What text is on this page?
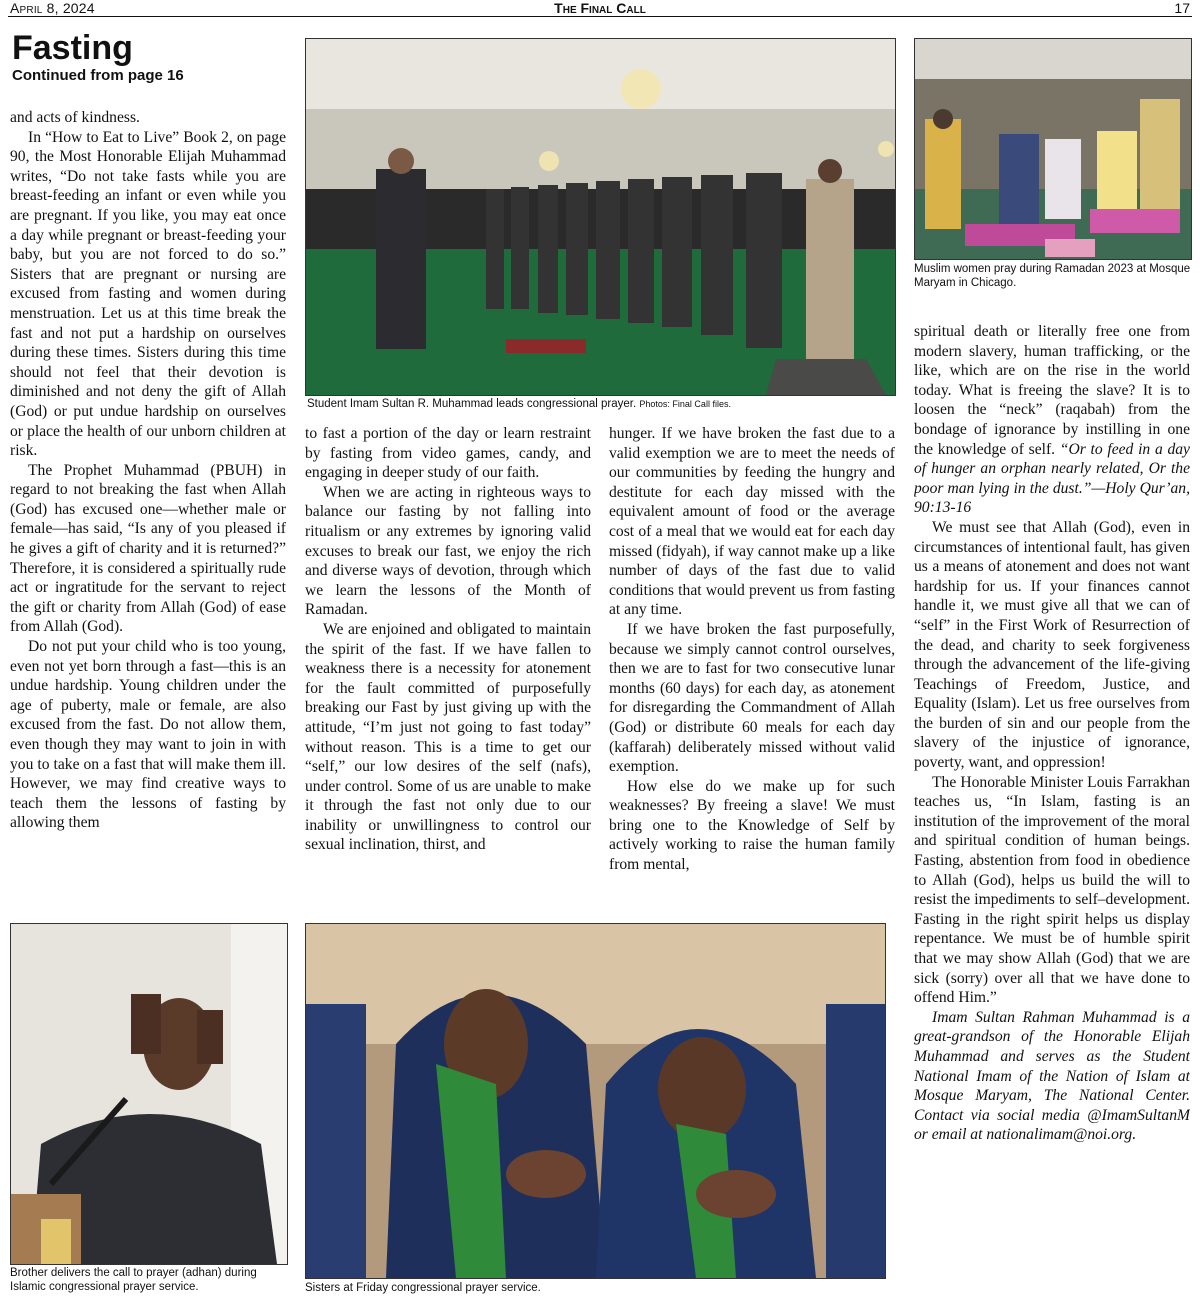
April 8, 2024	The Final Call	17
Fasting
Continued from page 16

and acts of kindness.

In “How to Eat to Live” Book 2, on page 90, the Most Honorable Elijah Muhammad writes, “Do not take fasts while you are breast-feeding an infant or even while you are pregnant. If you like, you may eat once a day while pregnant or breast-feeding your baby, but you are not forced to do so.” Sisters that are pregnant or nursing are excused from fasting and women during menstruation. Let us at this time break the fast and not put a hardship on ourselves during these times. Sisters during this time should not feel that their devotion is diminished and not deny the gift of Allah (God) or put undue hardship on ourselves or place the health of our unborn children at risk.

The Prophet Muhammad (PBUH) in regard to not breaking the fast when Allah (God) has excused one—whether male or female—has said, “Is any of you pleased if he gives a gift of charity and it is returned?” Therefore, it is considered a spiritually rude act or ingratitude for the servant to reject the gift or charity from Allah (God) of ease from Allah (God).

Do not put your child who is too young, even not yet born through a fast—this is an undue hardship. Young children under the age of puberty, male or female, are also excused from the fast. Do not allow them, even though they may want to join in with you to take on a fast that will make them ill. However, we may find creative ways to teach them the lessons of fasting by allowing them

to fast a portion of the day or learn restraint by fasting from video games, candy, and engaging in deeper study of our faith.

When we are acting in righteous ways to balance our fasting by not falling into ritualism or any extremes by ignoring valid excuses to break our fast, we enjoy the rich and diverse ways of devotion, through which we learn the lessons of the Month of Ramadan.

We are enjoined and obligated to maintain the spirit of the fast. If we have fallen to weakness there is a necessity for atonement for the fault committed of purposefully breaking our Fast by just giving up with the attitude, “I’m just not going to fast today” without reason. This is a time to get our “self,” our low desires of the self (nafs), under control. Some of us are unable to make it through the fast not only due to our inability or unwillingness to control our sexual inclination, thirst, and

hunger. If we have broken the fast due to a valid exemption we are to meet the needs of our communities by feeding the hungry and destitute for each day missed with the equivalent amount of food or the average cost of a meal that we would eat for each day missed (fidyah), if way cannot make up a like number of days of the fast due to valid conditions that would prevent us from fasting at any time.

If we have broken the fast purposefully, because we simply cannot control ourselves, then we are to fast for two consecutive lunar months (60 days) for each day, as atonement for disregarding the Commandment of Allah (God) or distribute 60 meals for each day (kaffarah) deliberately missed without valid exemption.

How else do we make up for such weaknesses? By freeing a slave! We must bring one to the Knowledge of Self by actively working to raise the human family from mental,

spiritual death or literally free one from modern slavery, human trafficking, or the like, which are on the rise in the world today. What is freeing the slave? It is to loosen the “neck” (raqabah) from the bondage of ignorance by instilling in one the knowledge of self. “Or to feed in a day of hunger an orphan nearly related, Or the poor man lying in the dust.”—Holy Qur’an, 90:13-16

We must see that Allah (God), even in circumstances of intentional fault, has given us a means of atonement and does not want hardship for us. If your finances cannot handle it, we must give all that we can of “self” in the First Work of Resurrection of the dead, and charity to seek forgiveness through the advancement of the life-giving Teachings of Freedom, Justice, and Equality (Islam). Let us free ourselves from the burden of sin and our people from the slavery of the injustice of ignorance, poverty, want, and oppression!

The Honorable Minister Louis Farrakhan teaches us, “In Islam, fasting is an institution of the improvement of the moral and spiritual condition of human beings. Fasting, abstention from food in obedience to Allah (God), helps us build the will to resist the impediments to self–development. Fasting in the right spirit helps us display repentance. We must be of humble spirit that we may show Allah (God) that we are sick (sorry) over all that we have done to offend Him.”

Imam Sultan Rahman Muhammad is a great-grandson of the Honorable Elijah Muhammad and serves as the Student National Imam of the Nation of Islam at Mosque Maryam, The National Center. Contact via social media @ImamSultanM or email at nationalimam@noi.org.

Student Imam Sultan R. Muhammad leads congressional prayer. Photos: Final Call files.
Muslim women pray during Ramadan 2023 at Mosque Maryam in Chicago.
Brother delivers the call to prayer (adhan) during Islamic congressional prayer service.	Sisters at Friday congressional prayer service.
